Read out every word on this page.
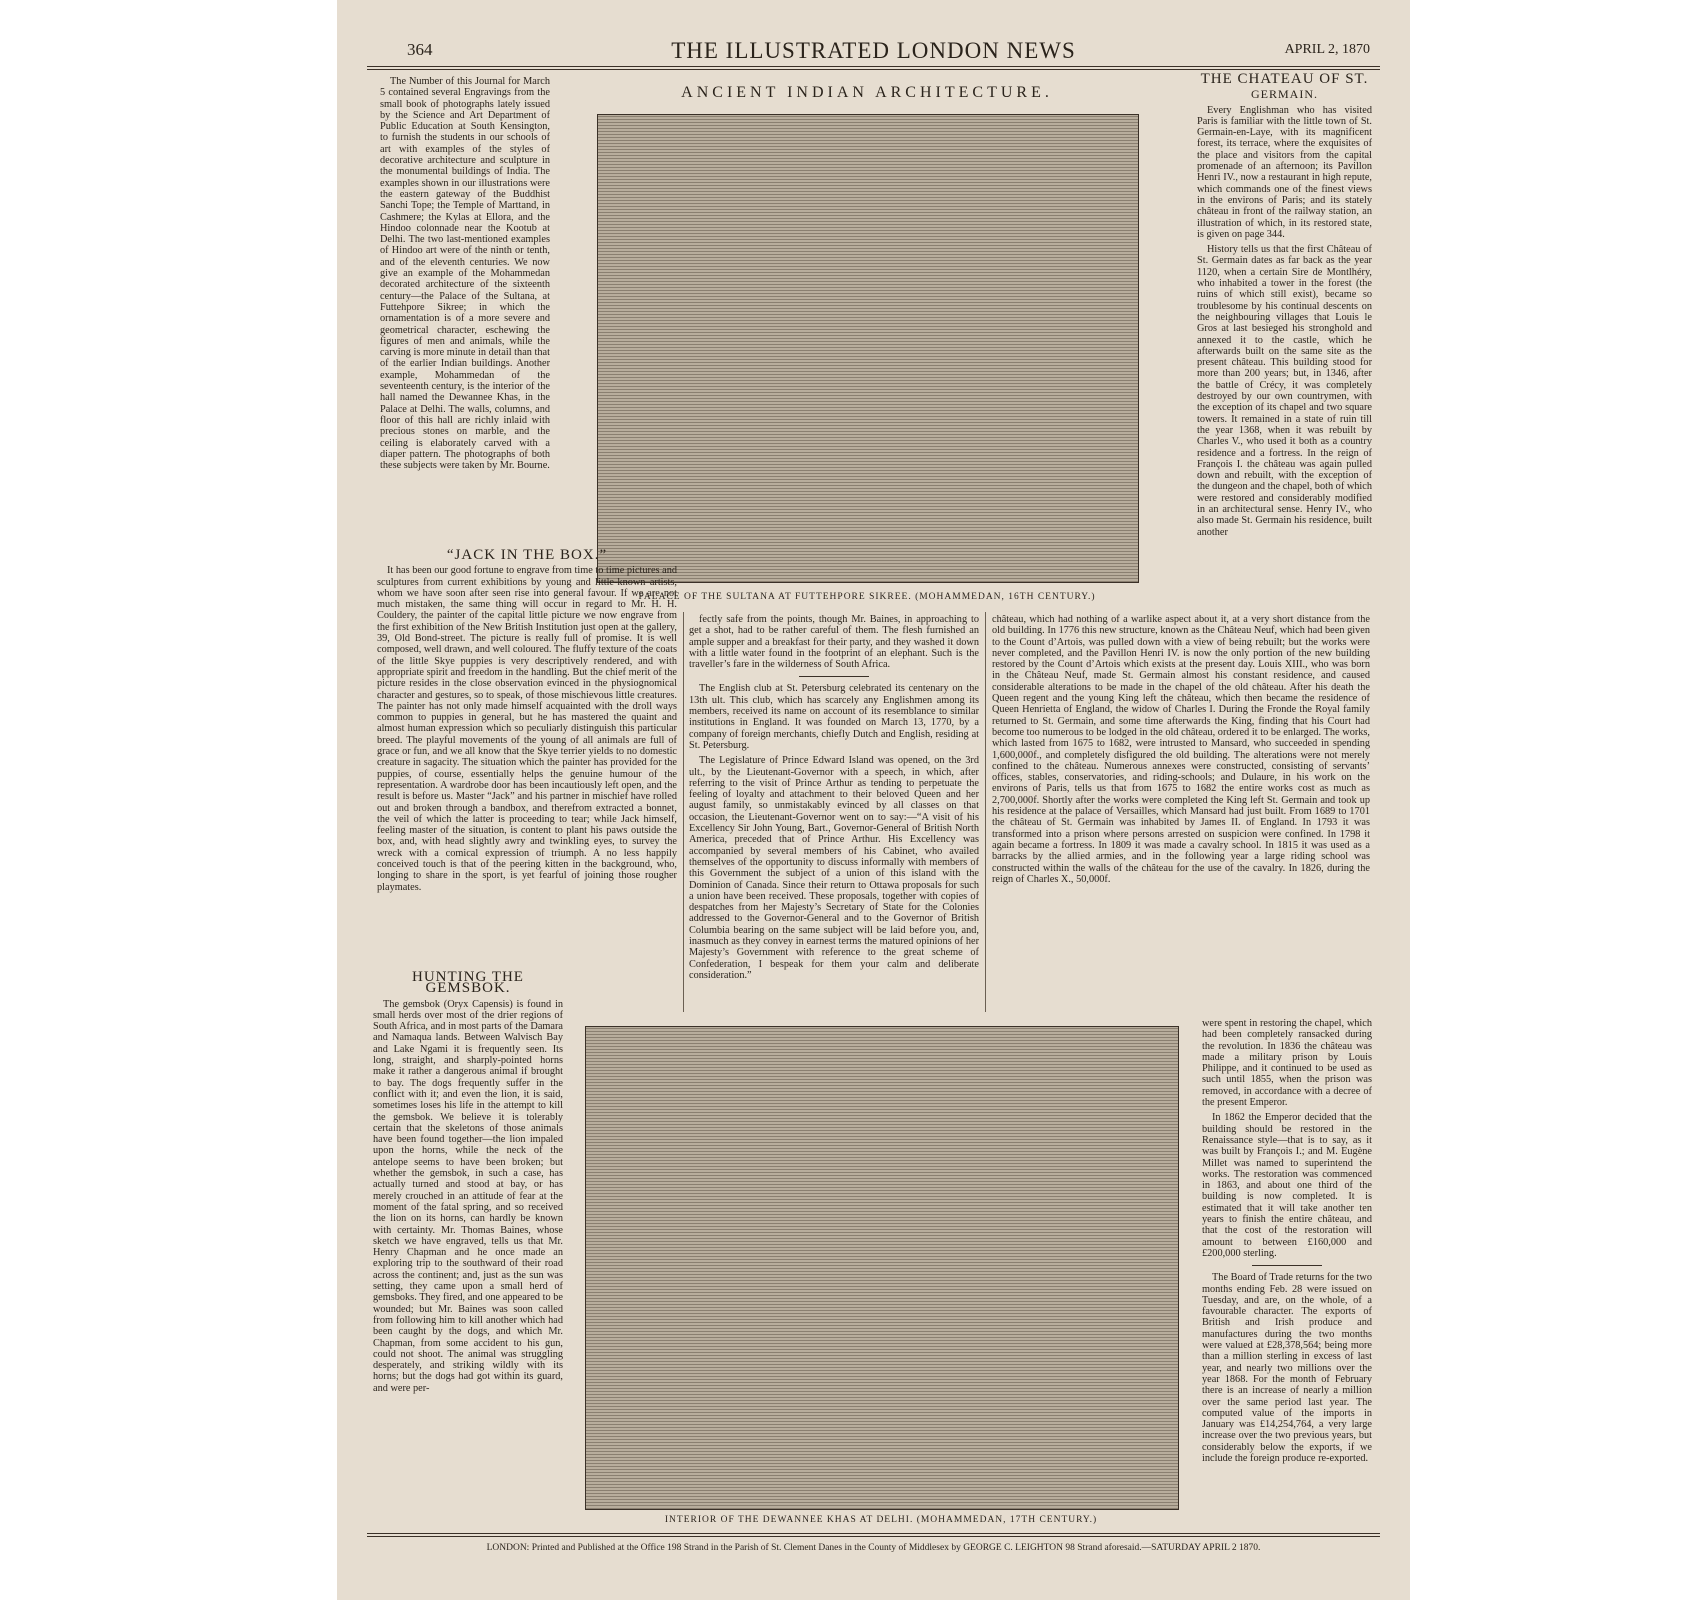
364	THE ILLUSTRATED LONDON NEWS	APRIL 2, 1870

The Number of this Journal for March 5 contained several Engravings from the small book of photographs lately issued by the Science and Art Department of Public Education at South Kensington, to furnish the students in our schools of art with examples of the styles of decorative architecture and sculpture in the monumental buildings of India. The examples shown in our illustrations were the eastern gateway of the Buddhist Sanchi Tope; the Temple of Marttand, in Cashmere; the Kylas at Ellora, and the Hindoo colonnade near the Kootub at Delhi. The two last-mentioned examples of Hindoo art were of the ninth or tenth, and of the eleventh centuries. We now give an example of the Mohammedan decorated architecture of the sixteenth century—the Palace of the Sultana, at Futtehpore Sikree; in which the ornamentation is of a more severe and geometrical character, eschewing the figures of men and animals, while the carving is more minute in detail than that of the earlier Indian buildings. Another example, Mohammedan of the seventeenth century, is the interior of the hall named the Dewannee Khas, in the Palace at Delhi. The walls, columns, and floor of this hall are richly inlaid with precious stones on marble, and the ceiling is elaborately carved with a diaper pattern. The photographs of both these subjects were taken by Mr. Bourne.

ANCIENT INDIAN ARCHITECTURE.
PALACE OF THE SULTANA AT FUTTEHPORE SIKREE. (MOHAMMEDAN, 16TH CENTURY.)
THE CHATEAU OF ST.
GERMAIN.

Every Englishman who has visited Paris is familiar with the little town of St. Germain-en-Laye, with its magnificent forest, its terrace, where the exquisites of the place and visitors from the capital promenade of an afternoon; its Pavillon Henri IV., now a restaurant in high repute, which commands one of the finest views in the environs of Paris; and its stately château in front of the railway station, an illustration of which, in its restored state, is given on page 344.

History tells us that the first Château of St. Germain dates as far back as the year 1120, when a certain Sire de Montlhéry, who inhabited a tower in the forest (the ruins of which still exist), became so troublesome by his continual descents on the neighbouring villages that Louis le Gros at last besieged his stronghold and annexed it to the castle, which he afterwards built on the same site as the present château. This building stood for more than 200 years; but, in 1346, after the battle of Crécy, it was completely destroyed by our own countrymen, with the exception of its chapel and two square towers. It remained in a state of ruin till the year 1368, when it was rebuilt by Charles V., who used it both as a country residence and a fortress. In the reign of François I. the château was again pulled down and rebuilt, with the exception of the dungeon and the chapel, both of which were restored and considerably modified in an architectural sense. Henry IV., who also made St. Germain his residence, built another

“JACK IN THE BOX.”

It has been our good fortune to engrave from time to time pictures and sculptures from current exhibitions by young and little-known artists, whom we have soon after seen rise into general favour. If we are not much mistaken, the same thing will occur in regard to Mr. H. H. Couldery, the painter of the capital little picture we now engrave from the first exhibition of the New British Institution just open at the gallery, 39, Old Bond-street. The picture is really full of promise. It is well composed, well drawn, and well coloured. The fluffy texture of the coats of the little Skye puppies is very descriptively rendered, and with appropriate spirit and freedom in the handling. But the chief merit of the picture resides in the close observation evinced in the physiognomical character and gestures, so to speak, of those mischievous little creatures. The painter has not only made himself acquainted with the droll ways common to puppies in general, but he has mastered the quaint and almost human expression which so peculiarly distinguish this particular breed. The playful movements of the young of all animals are full of grace or fun, and we all know that the Skye terrier yields to no domestic creature in sagacity. The situation which the painter has provided for the puppies, of course, essentially helps the genuine humour of the representation. A wardrobe door has been incautiously left open, and the result is before us. Master “Jack” and his partner in mischief have rolled out and broken through a bandbox, and therefrom extracted a bonnet, the veil of which the latter is proceeding to tear; while Jack himself, feeling master of the situation, is content to plant his paws outside the box, and, with head slightly awry and twinkling eyes, to survey the wreck with a comical expression of triumph. A no less happily conceived touch is that of the peering kitten in the background, who, longing to share in the sport, is yet fearful of joining those rougher playmates.

fectly safe from the points, though Mr. Baines, in approaching to get a shot, had to be rather careful of them. The flesh furnished an ample supper and a breakfast for their party, and they washed it down with a little water found in the footprint of an elephant. Such is the traveller’s fare in the wilderness of South Africa.

The English club at St. Petersburg celebrated its centenary on the 13th ult. This club, which has scarcely any Englishmen among its members, received its name on account of its resemblance to similar institutions in England. It was founded on March 13, 1770, by a company of foreign merchants, chiefly Dutch and English, residing at St. Petersburg.

The Legislature of Prince Edward Island was opened, on the 3rd ult., by the Lieutenant-Governor with a speech, in which, after referring to the visit of Prince Arthur as tending to perpetuate the feeling of loyalty and attachment to their beloved Queen and her august family, so unmistakably evinced by all classes on that occasion, the Lieutenant-Governor went on to say:—“A visit of his Excellency Sir John Young, Bart., Governor-General of British North America, preceded that of Prince Arthur. His Excellency was accompanied by several members of his Cabinet, who availed themselves of the opportunity to discuss informally with members of this Government the subject of a union of this island with the Dominion of Canada. Since their return to Ottawa proposals for such a union have been received. These proposals, together with copies of despatches from her Majesty’s Secretary of State for the Colonies addressed to the Governor-General and to the Governor of British Columbia bearing on the same subject will be laid before you, and, inasmuch as they convey in earnest terms the matured opinions of her Majesty’s Government with reference to the great scheme of Confederation, I bespeak for them your calm and deliberate consideration.”

château, which had nothing of a warlike aspect about it, at a very short distance from the old building. In 1776 this new structure, known as the Château Neuf, which had been given to the Count d’Artois, was pulled down with a view of being rebuilt; but the works were never completed, and the Pavillon Henri IV. is now the only portion of the new building restored by the Count d’Artois which exists at the present day. Louis XIII., who was born in the Château Neuf, made St. Germain almost his constant residence, and caused considerable alterations to be made in the chapel of the old château. After his death the Queen regent and the young King left the château, which then became the residence of Queen Henrietta of England, the widow of Charles I. During the Fronde the Royal family returned to St. Germain, and some time afterwards the King, finding that his Court had become too numerous to be lodged in the old château, ordered it to be enlarged. The works, which lasted from 1675 to 1682, were intrusted to Mansard, who succeeded in spending 1,600,000f., and completely disfigured the old building. The alterations were not merely confined to the château. Numerous annexes were constructed, consisting of servants’ offices, stables, conservatories, and riding-schools; and Dulaure, in his work on the environs of Paris, tells us that from 1675 to 1682 the entire works cost as much as 2,700,000f. Shortly after the works were completed the King left St. Germain and took up his residence at the palace of Versailles, which Mansard had just built. From 1689 to 1701 the château of St. Germain was inhabited by James II. of England. In 1793 it was transformed into a prison where persons arrested on suspicion were confined. In 1798 it again became a fortress. In 1809 it was made a cavalry school. In 1815 it was used as a barracks by the allied armies, and in the following year a large riding school was constructed within the walls of the château for the use of the cavalry. In 1826, during the reign of Charles X., 50,000f.

HUNTING THE GEMSBOK.

The gemsbok (Oryx Capensis) is found in small herds over most of the drier regions of South Africa, and in most parts of the Damara and Namaqua lands. Between Walvisch Bay and Lake Ngami it is frequently seen. Its long, straight, and sharply-pointed horns make it rather a dangerous animal if brought to bay. The dogs frequently suffer in the conflict with it; and even the lion, it is said, sometimes loses his life in the attempt to kill the gemsbok. We believe it is tolerably certain that the skeletons of those animals have been found together—the lion impaled upon the horns, while the neck of the antelope seems to have been broken; but whether the gemsbok, in such a case, has actually turned and stood at bay, or has merely crouched in an attitude of fear at the moment of the fatal spring, and so received the lion on its horns, can hardly be known with certainty. Mr. Thomas Baines, whose sketch we have engraved, tells us that Mr. Henry Chapman and he once made an exploring trip to the southward of their road across the continent; and, just as the sun was setting, they came upon a small herd of gemsboks. They fired, and one appeared to be wounded; but Mr. Baines was soon called from following him to kill another which had been caught by the dogs, and which Mr. Chapman, from some accident to his gun, could not shoot. The animal was struggling desperately, and striking wildly with its horns; but the dogs had got within its guard, and were per-

INTERIOR OF THE DEWANNEE KHAS AT DELHI. (MOHAMMEDAN, 17TH CENTURY.)

were spent in restoring the chapel, which had been completely ransacked during the revolution. In 1836 the château was made a military prison by Louis Philippe, and it continued to be used as such until 1855, when the prison was removed, in accordance with a decree of the present Emperor.

In 1862 the Emperor decided that the building should be restored in the Renaissance style—that is to say, as it was built by François I.; and M. Eugène Millet was named to superintend the works. The restoration was commenced in 1863, and about one third of the building is now completed. It is estimated that it will take another ten years to finish the entire château, and that the cost of the restoration will amount to between £160,000 and £200,000 sterling.

The Board of Trade returns for the two months ending Feb. 28 were issued on Tuesday, and are, on the whole, of a favourable character. The exports of British and Irish produce and manufactures during the two months were valued at £28,378,564; being more than a million sterling in excess of last year, and nearly two millions over the year 1868. For the month of February there is an increase of nearly a million over the same period last year. The computed value of the imports in January was £14,254,764, a very large increase over the two previous years, but considerably below the exports, if we include the foreign produce re-exported.

LONDON: Printed and Published at the Office 198 Strand in the Parish of St. Clement Danes in the County of Middlesex by GEORGE C. LEIGHTON 98 Strand aforesaid.—SATURDAY APRIL 2 1870.
